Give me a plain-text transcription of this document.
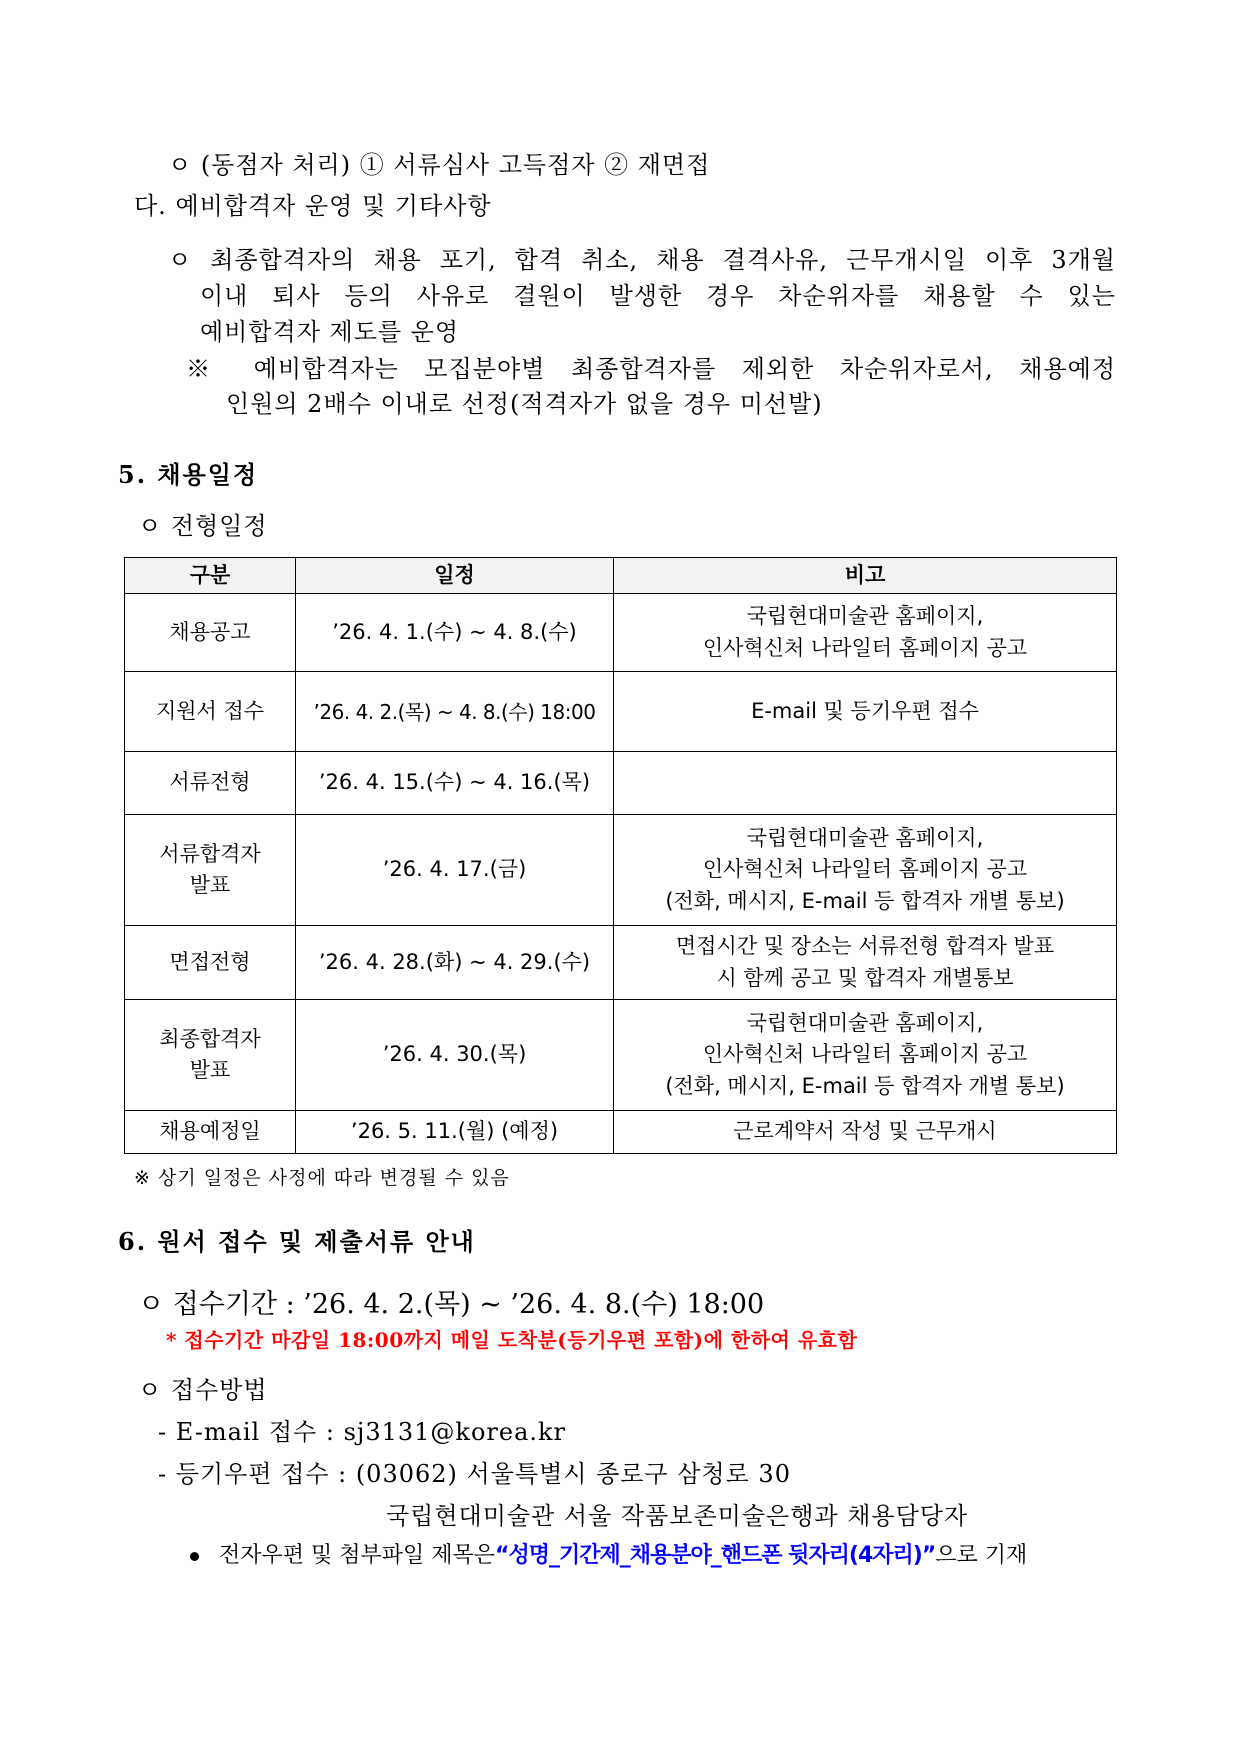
ㅇ (동점자 처리) ① 서류심사 고득점자 ② 재면접
다. 예비합격자 운영 및 기타사항
ㅇ 최종합격자의 채용 포기, 합격 취소, 채용 결격사유, 근무개시일 이후 3개월
이내 퇴사 등의 사유로 결원이 발생한 경우 차순위자를 채용할 수 있는
예비합격자 제도를 운영
※ 예비합격자는 모집분야별 최종합격자를 제외한 차순위자로서, 채용예정
인원의 2배수 이내로 선정(적격자가 없을 경우 미선발)
5. 채용일정
ㅇ 전형일정
구분	일정	비고
채용공고	’26. 4. 1.(수) ~ 4. 8.(수)	국립현대미술관 홈페이지,
인사혁신처 나라일터 홈페이지 공고

지원서 접수	’26. 4. 2.(목) ~ 4. 8.(수) 18:00	E-mail 및 등기우편 접수

서류전형	’26. 4. 15.(수) ~ 4. 16.(목)	

서류합격자 발표	’26. 4. 17.(금)	국립현대미술관 홈페이지,
인사혁신처 나라일터 홈페이지 공고
(전화, 메시지, E-mail 등 합격자 개별 통보)

면접전형	’26. 4. 28.(화) ~ 4. 29.(수)	면접시간 및 장소는 서류전형 합격자 발표
시 함께 공고 및 합격자 개별통보

최종합격자 발표	’26. 4. 30.(목)	국립현대미술관 홈페이지,
인사혁신처 나라일터 홈페이지 공고
(전화, 메시지, E-mail 등 합격자 개별 통보)

채용예정일	’26. 5. 11.(월) (예정)	근로계약서 작성 및 근무개시
※ 상기 일정은 사정에 따라 변경될 수 있음
6. 원서 접수 및 제출서류 안내
ㅇ 접수기간 : ’26. 4. 2.(목) ~ ’26. 4. 8.(수) 18:00
* 접수기간 마감일 18:00까지 메일 도착분(등기우편 포함)에 한하여 유효함
ㅇ 접수방법
- E-mail 접수 : sj3131@korea.kr
- 등기우편 접수 : (03062) 서울특별시 종로구 삼청로 30
국립현대미술관 서울 작품보존미술은행과 채용담당자
전자우편 및 첨부파일 제목은“성명_기간제_채용분야_핸드폰 뒷자리(4자리)”으로 기재
